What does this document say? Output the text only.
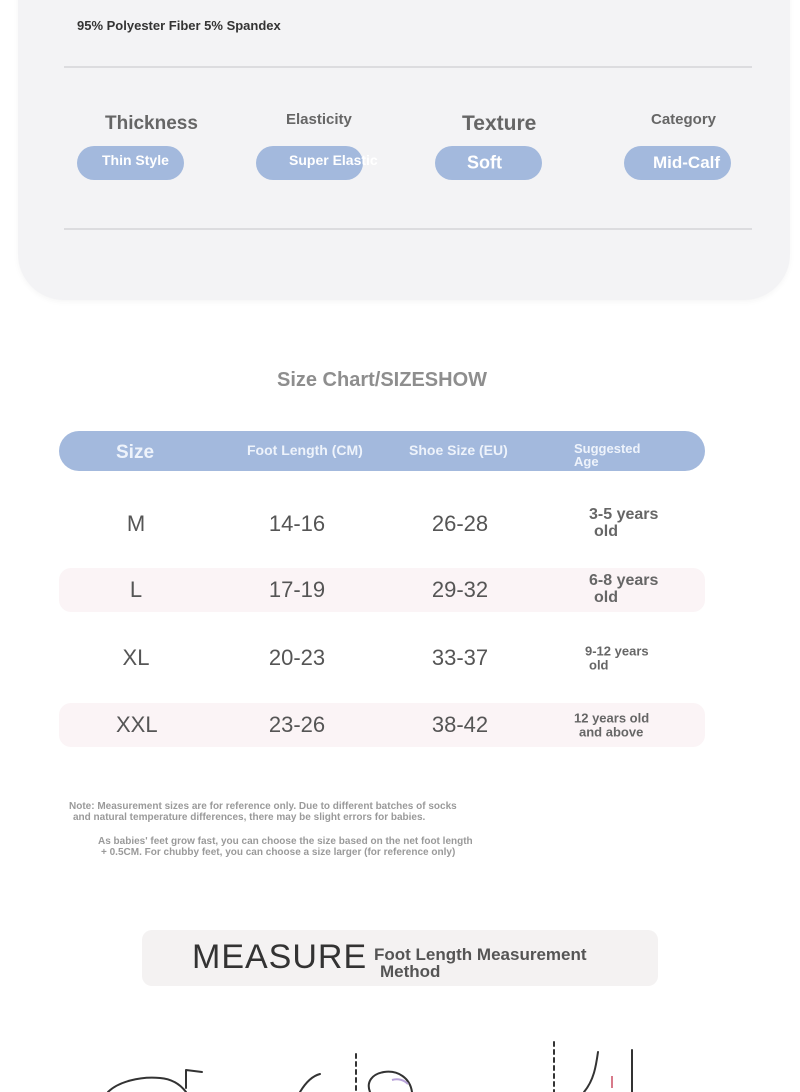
95% Polyester Fiber 5% Spandex
Thickness	Elasticity	Texture	Category
Thin Style	Super Elastic	Soft	Mid-Calf
Size Chart/SIZESHOW
Size	Foot Length (CM)	Shoe Size (EU)	Suggested Age
M	14-16	26-28	3-5 years
old
L	17-19	29-32	6-8 years
old
XL	20-23	33-37	9-12 years
old
XXL	23-26	38-42	12 years old
and above
Note: Measurement sizes are for reference only. Due to different batches of socks
and natural temperature differences, there may be slight errors for babies.
As babies' feet grow fast, you can choose the size based on the net foot length
+ 0.5CM. For chubby feet, you can choose a size larger (for reference only)
MEASURE Foot Length Measurement
Method
